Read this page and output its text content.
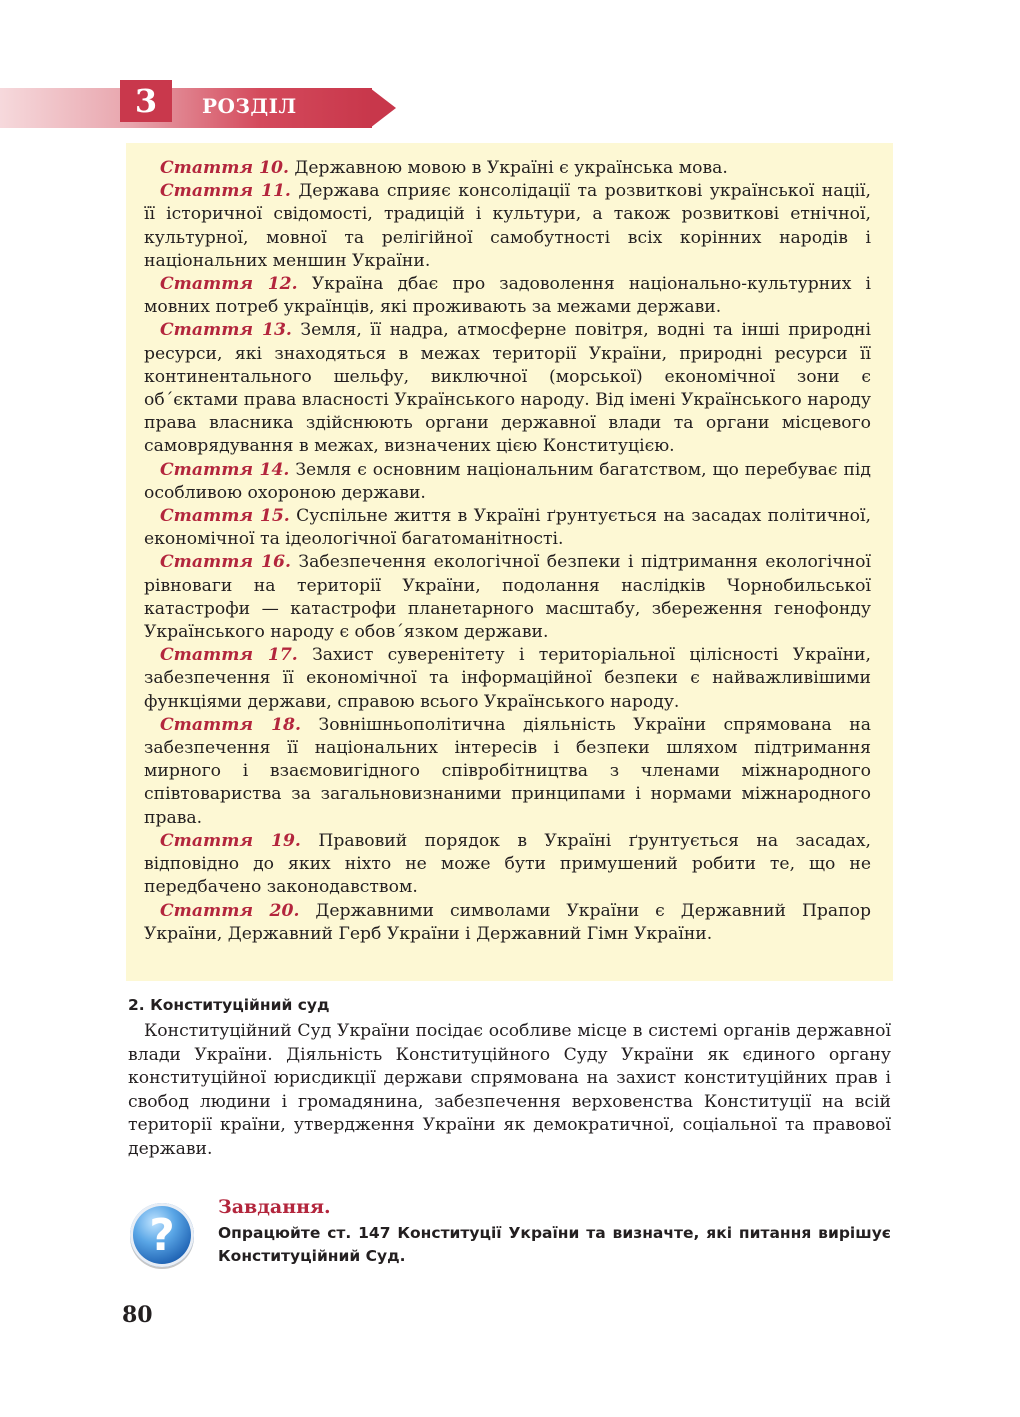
3	РОЗДІЛ

Стаття 10. Державною мовою в Україні є українська мова.

Стаття 11. Держава сприяє консолідації та розвиткові української нації, її історичної свідомості, традицій і культури, а також розвиткові етнічної, культурної, мовної та релігійної самобутності всіх корінних народів і національних меншин України.

Стаття 12. Україна дбає про задоволення національно-культурних і мовних потреб українців, які проживають за межами держави.

Стаття 13. Земля, її надра, атмосферне повітря, водні та інші природні ресурси, які знаходяться в межах території України, природні ресурси її континентального шельфу, виключної (морської) економічної зони є об΄єктами права власності Українського народу. Від імені Українського народу права власника здійснюють органи державної влади та органи місцевого самоврядування в межах, визначених цією Конституцією.

Стаття 14. Земля є основним національним багатством, що перебуває під особливою охороною держави.

Стаття 15. Суспільне життя в Україні ґрунтується на засадах політичної, економічної та ідеологічної багатоманітності.

Стаття 16. Забезпечення екологічної безпеки і підтримання екологічної рівноваги на території України, подолання наслідків Чорнобильської катастрофи — катастрофи планетарного масштабу, збереження генофонду Українського народу є обов΄язком держави.

Стаття 17. Захист суверенітету і територіальної цілісності України, забезпечення її економічної та інформаційної безпеки є найважливішими функціями держави, справою всього Українського народу.

Стаття 18. Зовнішньополітична діяльність України спрямована на забезпечення її національних інтересів і безпеки шляхом підтримання мирного і взаємовигідного співробітництва з членами міжнародного співтовариства за загальновизнаними принципами і нормами міжнародного права.

Стаття 19. Правовий порядок в Україні ґрунтується на засадах, відповідно до яких ніхто не може бути примушений робити те, що не передбачено законодавством.

Стаття 20. Державними символами України є Державний Прапор України, Державний Герб України і Державний Гімн України.

2. Конституційний суд

Конституційний Суд України посідає особливе місце в системі органів державної влади України. Діяльність Конституційного Суду України як єдиного органу конституційної юрисдикції держави спрямована на захист конституційних прав і свобод людини і громадянина, забезпечення верховенства Конституції на всій території країни, утвердження України як демократичної, соціальної та правової держави.

?
Завдання.

Опрацюйте ст. 147 Конституції України та визначте, які питання вирішує Конституційний Суд.

80
